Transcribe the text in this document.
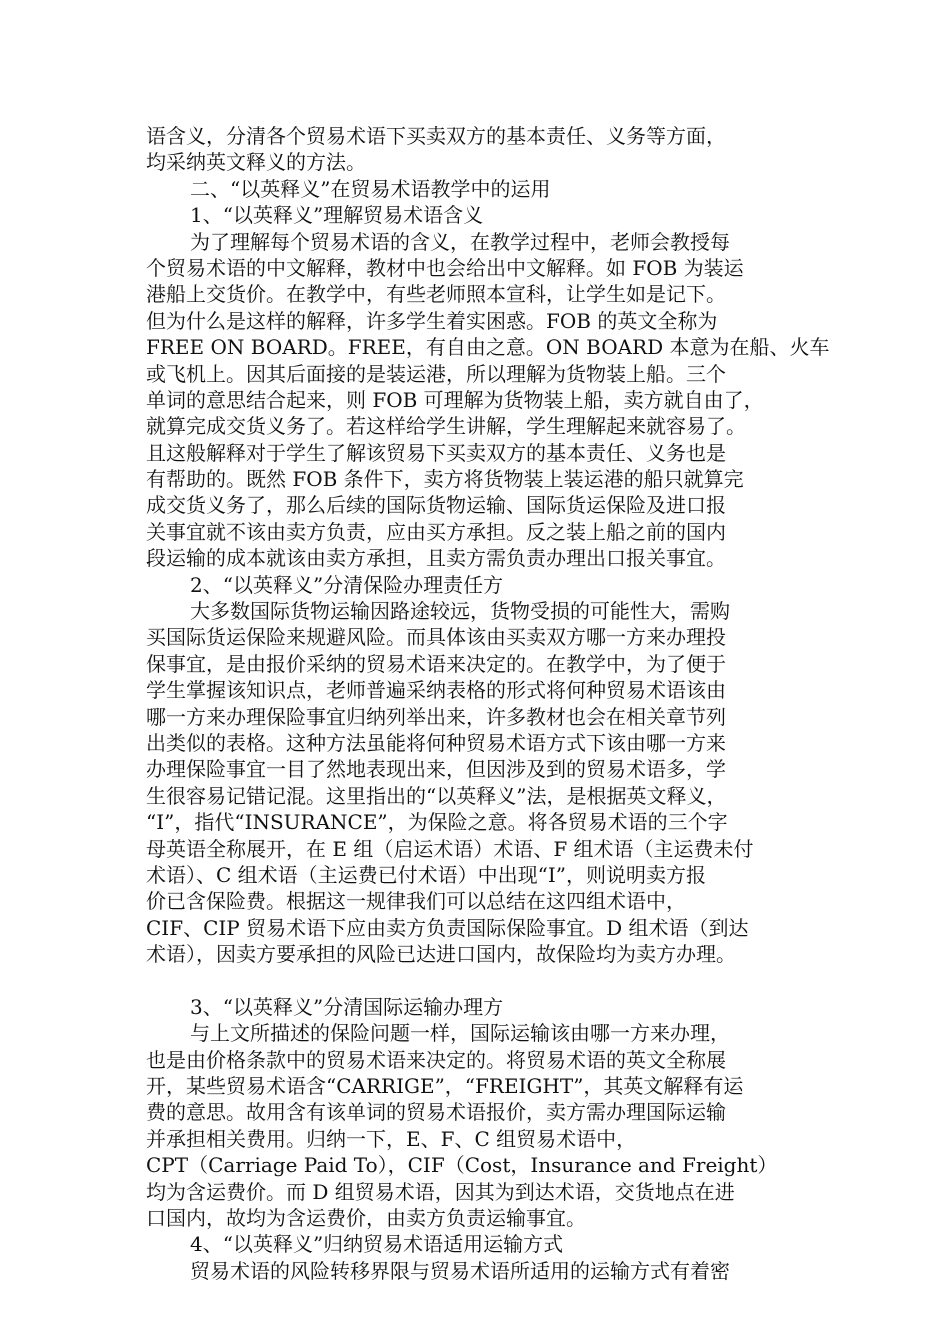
语含义，分清各个贸易术语下买卖双方的基本责任、义务等方面，
均采纳英文释义的方法。
二、“以英释义”在贸易术语教学中的运用
1、“以英释义”理解贸易术语含义
为了理解每个贸易术语的含义，在教学过程中，老师会教授每
个贸易术语的中文解释，教材中也会给出中文解释。如 FOB 为装运
港船上交货价。在教学中，有些老师照本宣科，让学生如是记下。
但为什么是这样的解释，许多学生着实困惑。FOB 的英文全称为
FREE ON BOARD。FREE，有自由之意。ON BOARD 本意为在船、火车
或飞机上。因其后面接的是装运港，所以理解为货物装上船。三个
单词的意思结合起来，则 FOB 可理解为货物装上船，卖方就自由了，
就算完成交货义务了。若这样给学生讲解，学生理解起来就容易了。
且这般解释对于学生了解该贸易下买卖双方的基本责任、义务也是
有帮助的。既然 FOB 条件下，卖方将货物装上装运港的船只就算完
成交货义务了，那么后续的国际货物运输、国际货运保险及进口报
关事宜就不该由卖方负责，应由买方承担。反之装上船之前的国内
段运输的成本就该由卖方承担，且卖方需负责办理出口报关事宜。
2、“以英释义”分清保险办理责任方
大多数国际货物运输因路途较远，货物受损的可能性大，需购
买国际货运保险来规避风险。而具体该由买卖双方哪一方来办理投
保事宜，是由报价采纳的贸易术语来决定的。在教学中，为了便于
学生掌握该知识点，老师普遍采纳表格的形式将何种贸易术语该由
哪一方来办理保险事宜归纳列举出来，许多教材也会在相关章节列
出类似的表格。这种方法虽能将何种贸易术语方式下该由哪一方来
办理保险事宜一目了然地表现出来，但因涉及到的贸易术语多，学
生很容易记错记混。这里指出的“以英释义”法，是根据英文释义，
“I”，指代“INSURANCE”，为保险之意。将各贸易术语的三个字
母英语全称展开，在 E 组（启运术语）术语、F 组术语（主运费未付
术语）、C 组术语（主运费已付术语）中出现“I”，则说明卖方报
价已含保险费。根据这一规律我们可以总结在这四组术语中，
CIF、CIP 贸易术语下应由卖方负责国际保险事宜。D 组术语（到达
术语），因卖方要承担的风险已达进口国内，故保险均为卖方办理。
3、“以英释义”分清国际运输办理方
与上文所描述的保险问题一样，国际运输该由哪一方来办理，
也是由价格条款中的贸易术语来决定的。将贸易术语的英文全称展
开，某些贸易术语含“CARRIGE”，“FREIGHT”，其英文解释有运
费的意思。故用含有该单词的贸易术语报价，卖方需办理国际运输
并承担相关费用。归纳一下，E、F、C 组贸易术语中，
CPT（Carriage Paid To），CIF（Cost，Insurance and Freight）
均为含运费价。而 D 组贸易术语，因其为到达术语，交货地点在进
口国内，故均为含运费价，由卖方负责运输事宜。
4、“以英释义”归纳贸易术语适用运输方式
贸易术语的风险转移界限与贸易术语所适用的运输方式有着密
